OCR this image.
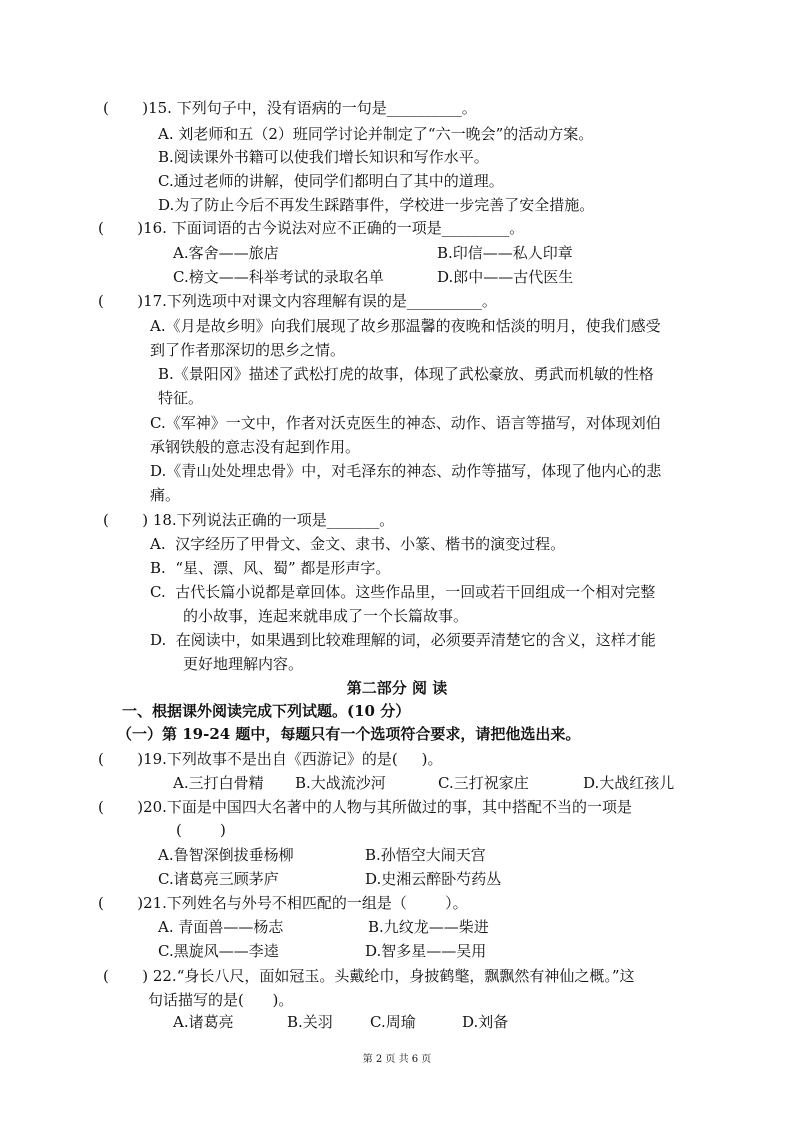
(       )15. 下列句子中，没有语病的一句是__________。
A. 刘老师和五（2）班同学讨论并制定了“六一晚会”的活动方案。
B.阅读课外书籍可以使我们增长知识和写作水平。
C.通过老师的讲解，使同学们都明白了其中的道理。
D.为了防止今后不再发生踩踏事件，学校进一步完善了安全措施。
(       )16. 下面词语的古今说法对应不正确的一项是_________。
A.客舍——旅店	B.印信——私人印章
C.榜文——科举考试的录取名单	D.郎中——古代医生
(       )17.下列选项中对课文内容理解有误的是__________。
A.《月是故乡明》向我们展现了故乡那温馨的夜晚和恬淡的明月，使我们感受
到了作者那深切的思乡之情。
B.《景阳冈》描述了武松打虎的故事，体现了武松豪放、勇武而机敏的性格
特征。
C.《军神》一文中，作者对沃克医生的神态、动作、语言等描写，对体现刘伯
承钢铁般的意志没有起到作用。
D.《青山处处埋忠骨》中，对毛泽东的神态、动作等描写，体现了他内心的悲
痛。
(       ) 18.下列说法正确的一项是_______。
A.  汉字经历了甲骨文、金文、隶书、小篆、楷书的演变过程。
B.  “星、漂、风、蜀” 都是形声字。
C.  古代长篇小说都是章回体。这些作品里，一回或若干回组成一个相对完整
的小故事，连起来就串成了一个长篇故事。
D.  在阅读中，如果遇到比较难理解的词，必须要弄清楚它的含义，这样才能
更好地理解内容。
第二部分 阅 读
一、根据课外阅读完成下列试题。(10 分）
（一）第 19-24 题中，每题只有一个选项符合要求，请把他选出来。
(       )19.下列故事不是出自《西游记》的是(     )。
A.三打白骨精 B.大战流沙河	C.三打祝家庄	D.大战红孩儿
(       )20.下面是中国四大名著中的人物与其所做过的事，其中搭配不当的一项是
(        )
A.鲁智深倒拔垂杨柳	B.孙悟空大闹天宫
C.诸葛亮三顾茅庐	D.史湘云醉卧芍药丛
(       )21.下列姓名与外号不相匹配的一组是（        ）。
A. 青面兽——杨志	B.九纹龙——柴进
C.黑旋风——李逵	D.智多星——吴用
(       ) 22.“身长八尺，面如冠玉。头戴纶巾，身披鹤氅，飘飘然有神仙之概。”这
句话描写的是(      )。
A.诸葛亮	B.关羽 C.周瑜	D.刘备
第 2 页 共 6 页
